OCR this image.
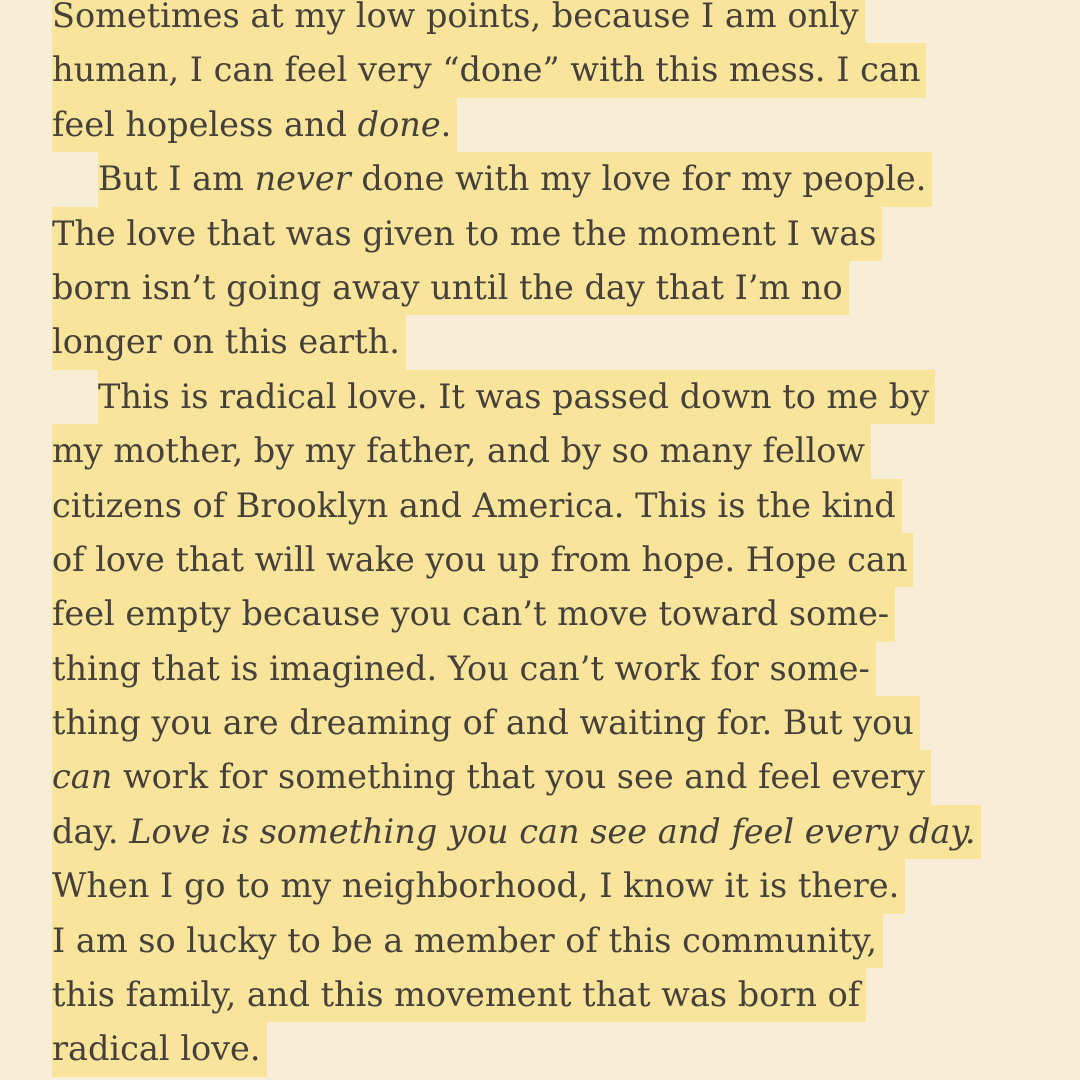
Sometimes at my low points, because I am only
human, I can feel very “done” with this mess. I can
feel hopeless and done.
But I am never done with my love for my people.
The love that was given to me the moment I was
born isn’t going away until the day that I’m no
longer on this earth.
This is radical love. It was passed down to me by
my mother, by my father, and by so many fellow
citizens of Brooklyn and America. This is the kind
of love that will wake you up from hope. Hope can
feel empty because you can’t move toward some-
thing that is imagined. You can’t work for some-
thing you are dreaming of and waiting for. But you
can work for something that you see and feel every
day. Love is something you can see and feel every day.
When I go to my neighborhood, I know it is there.
I am so lucky to be a member of this community,
this family, and this movement that was born of
radical love.
